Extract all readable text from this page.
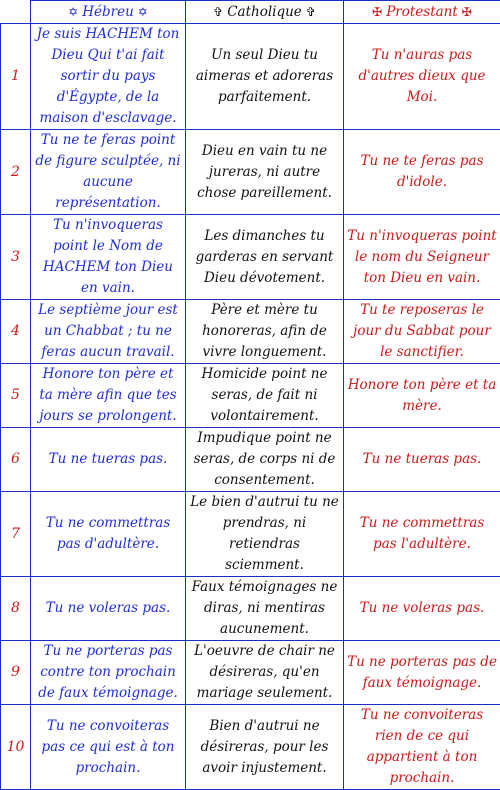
	✡ Hébreu ✡	✞ Catholique ✞	✠ Protestant ✠
1	Je suis HACHEM ton Dieu Qui t'ai fait sortir du pays d'Égypte, de la maison d'esclavage.	Un seul Dieu tu aimeras et adoreras parfaitement.	Tu n'auras pas d'autres dieux que Moi.
2	Tu ne te feras point de figure sculptée, ni aucune représentation.	Dieu en vain tu ne jureras, ni autre chose pareillement.	Tu ne te feras pas d'idole.
3	Tu n'invoqueras point le Nom de HACHEM ton Dieu en vain.	Les dimanches tu garderas en servant Dieu dévotement.	Tu n'invoqueras point le nom du Seigneur ton Dieu en vain.
4	Le septième jour est un Chabbat ; tu ne feras aucun travail.	Père et mère tu honoreras, afin de vivre longuement.	Tu te reposeras le jour du Sabbat pour le sanctifier.
5	Honore ton père et ta mère afin que tes jours se prolongent.	Homicide point ne seras, de fait ni volontairement.	Honore ton père et ta mère.
6	Tu ne tueras pas.	Impudique point ne seras, de corps ni de consentement.	Tu ne tueras pas.
7	Tu ne commettras pas d'adultère.	Le bien d'autrui tu ne prendras, ni retiendras sciemment.	Tu ne commettras pas l'adultère.
8	Tu ne voleras pas.	Faux témoignages ne diras, ni mentiras aucunement.	Tu ne voleras pas.
9	Tu ne porteras pas contre ton prochain de faux témoignage.	L'oeuvre de chair ne désireras, qu'en mariage seulement.	Tu ne porteras pas de faux témoignage.
10	Tu ne convoiteras pas ce qui est à ton prochain.	Bien d'autrui ne désireras, pour les avoir injustement.	Tu ne convoiteras rien de ce qui appartient à ton prochain.
